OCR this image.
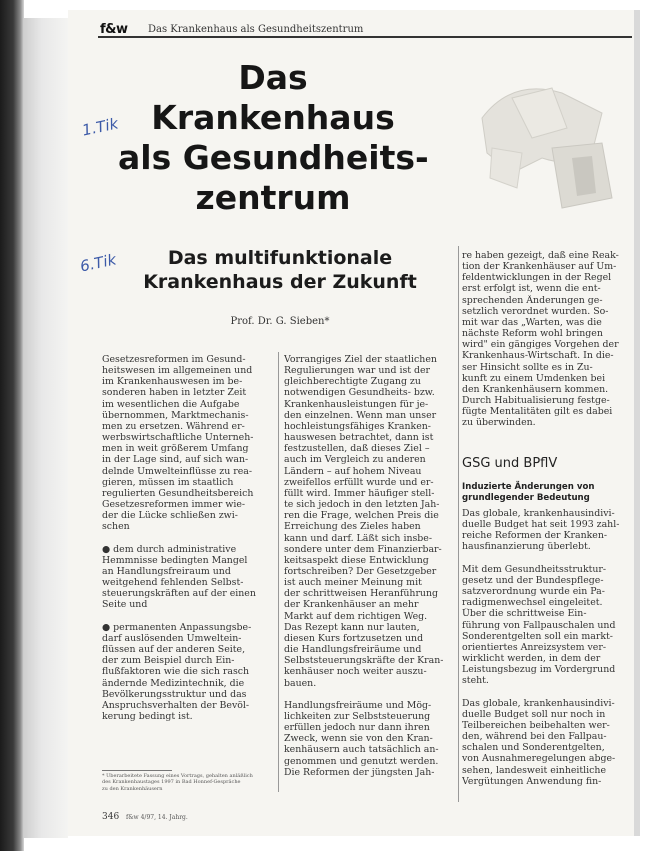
f&w Das Krankenhaus als Gesundheitszentrum
Das
Krankenhaus
als Gesundheits-
zentrum
1.Tik
6.Tik	Das multifunktionale
Krankenhaus der Zukunft
Prof. Dr. G. Sieben*
Gesetzesreformen im Gesund-
heitswesen im allgemeinen und
im Krankenhauswesen im be-
sonderen haben in letzter Zeit
im wesentlichen die Aufgabe
übernommen, Marktmechanis-
men zu ersetzen. Während er-
werbswirtschaftliche Unterneh-
men in weit größerem Umfang
in der Lage sind, auf sich wan-
delnde Umwelteinflüsse zu rea-
gieren, müssen im staatlich
regulierten Gesundheitsbereich
Gesetzesreformen immer wie-
der die Lücke schließen zwi-
schen

● dem durch administrative
Hemmnisse bedingten Mangel
an Handlungsfreiraum und
weitgehend fehlenden Selbst-
steuerungskräften auf der einen
Seite und

● permanenten Anpassungsbe-
darf auslösenden Umweltein-
flüssen auf der anderen Seite,
der zum Beispiel durch Ein-
flußfaktoren wie die sich rasch
ändernde Medizintechnik, die
Bevölkerungsstruktur und das
Anspruchsverhalten der Bevöl-
kerung bedingt ist.
Vorrangiges Ziel der staatlichen
Regulierungen war und ist der
gleichberechtigte Zugang zu
notwendigen Gesundheits- bzw.
Krankenhausleistungen für je-
den einzelnen. Wenn man unser
hochleistungsfähiges Kranken-
hauswesen betrachtet, dann ist
festzustellen, daß dieses Ziel –
auch im Vergleich zu anderen
Ländern – auf hohem Niveau
zweifellos erfüllt wurde und er-
füllt wird. Immer häufiger stell-
te sich jedoch in den letzten Jah-
ren die Frage, welchen Preis die
Erreichung des Zieles haben
kann und darf. Läßt sich insbe-
sondere unter dem Finanzierbar-
keitsaspekt diese Entwicklung
fortschreiben? Der Gesetzgeber
ist auch meiner Meinung mit
der schrittweisen Heranführung
der Krankenhäuser an mehr
Markt auf dem richtigen Weg.
Das Rezept kann nur lauten,
diesen Kurs fortzusetzen und
die Handlungsfreiräume und
Selbststeuerungskräfte der Kran-
kenhäuser noch weiter auszu-
bauen.

Handlungsfreiräume und Mög-
lichkeiten zur Selbststeuerung
erfüllen jedoch nur dann ihren
Zweck, wenn sie von den Kran-
kenhäusern auch tatsächlich an-
genommen und genutzt werden.
Die Reformen der jüngsten Jah-
re haben gezeigt, daß eine Reak-
tion der Krankenhäuser auf Um-
feldentwicklungen in der Regel
erst erfolgt ist, wenn die ent-
sprechenden Änderungen ge-
setzlich verordnet wurden. So-
mit war das „Warten, was die
nächste Reform wohl bringen
wird" ein gängiges Vorgehen der
Krankenhaus-Wirtschaft. In die-
ser Hinsicht sollte es in Zu-
kunft zu einem Umdenken bei
den Krankenhäusern kommen.
Durch Habitualisierung festge-
fügte Mentalitäten gilt es dabei
zu überwinden.
GSG und BPflV
Induzierte Änderungen von grundlegender Bedeutung
Das globale, krankenhausindivi-
duelle Budget hat seit 1993 zahl-
reiche Reformen der Kranken-
hausfinanzierung überlebt.

Mit dem Gesundheitsstruktur-
gesetz und der Bundespflege-
satzverordnung wurde ein Pa-
radigmenwechsel eingeleitet.
Über die schrittweise Ein-
führung von Fallpauschalen und
Sonderentgelten soll ein markt-
orientiertes Anreizsystem ver-
wirklicht werden, in dem der
Leistungsbezug im Vordergrund
steht.

Das globale, krankenhausindivi-
duelle Budget soll nur noch in
Teilbereichen beibehalten wer-
den, während bei den Fallpau-
schalen und Sonderentgelten,
von Ausnahmeregelungen abge-
sehen, landesweit einheitliche
Vergütungen Anwendung fin-
* Überarbeitete Fassung eines Vortrags, gehalten anläßlich
des Krankenhaustages 1997 in Bad Honnef-Gespräche
zu den Krankenhäusern
346 f&w 4/97, 14. Jahrg.
